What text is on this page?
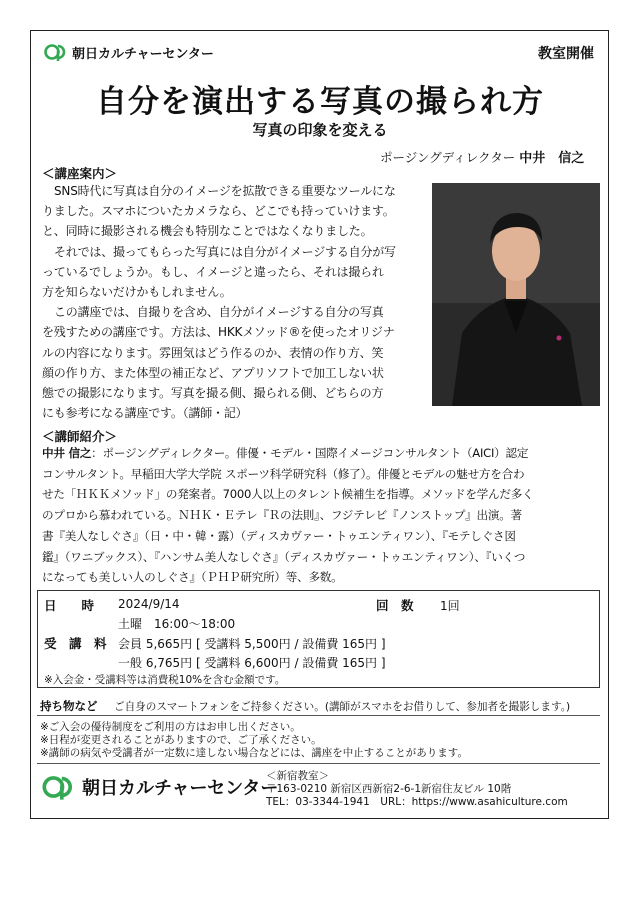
朝日カルチャーセンター	教室開催
自分を演出する写真の撮られ方
写真の印象を変える
ポージングディレクター 中井　信之
＜講座案内＞

SNS時代に写真は自分のイメージを拡散できる重要なツールにな

りました。スマホについたカメラなら、どこでも持っていけます。

と、同時に撮影される機会も特別なことではなくなりました。

それでは、撮ってもらった写真には自分がイメージする自分が写

っているでしょうか。もし、イメージと違ったら、それは撮られ

方を知らないだけかもしれません。

この講座では、自撮りを含め、自分がイメージする自分の写真

を残すための講座です。方法は、HKKメソッド®を使ったオリジナ

ルの内容になります。雰囲気はどう作るのか、表情の作り方、笑

顔の作り方、また体型の補正など、アプリソフトで加工しない状

態での撮影になります。写真を撮る側、撮られる側、どちらの方

にも参考になる講座です。（講師・記）

＜講師紹介＞

中井 信之：ポージングディレクター。俳優・モデル・国際イメージコンサルタント（AICI）認定

コンサルタント。早稲田大学大学院 スポーツ科学研究科（修了）。俳優とモデルの魅せ方を合わ

せた「ＨＫＫメソッド」の発案者。7000人以上のタレント候補生を指導。メソッドを学んだ多く

のプロから慕われている。ＮＨＫ・Ｅテレ『Ｒの法則』、フジテレビ『ノンストップ』出演。著

書『美人なしぐさ』（日・中・韓・露）（ディスカヴァー・トゥエンティワン）、『モテしぐさ図

鑑』（ワニブックス）、『ハンサム美人なしぐさ』（ディスカヴァー・トゥエンティワン）、『いくつ

になっても美しい人のしぐさ』（ＰＨＰ研究所）等、多数。

日　　時 2024/9/14	回　数 1回
土曜　16:00〜18:00
受　講　料 会員 5,665円 [ 受講料 5,500円 / 設備費 165円 ]
一般 6,765円 [ 受講料 6,600円 / 設備費 165円 ]
※入会金・受講料等は消費税10%を含む金額です。
持ち物など ご自身のスマートフォンをご持参ください。(講師がスマホをお借りして、参加者を撮影します。)
※ご入会の優待制度をご利用の方はお申し出ください。
※日程が変更されることがありますので、ご了承ください。
※講師の病気や受講者が一定数に達しない場合などには、講座を中止することがあります。
朝日カルチャーセンター
＜新宿教室＞
〒163-0210 新宿区西新宿2-6-1新宿住友ビル 10階
TEL：03-3344-1941　URL：https://www.asahiculture.com
